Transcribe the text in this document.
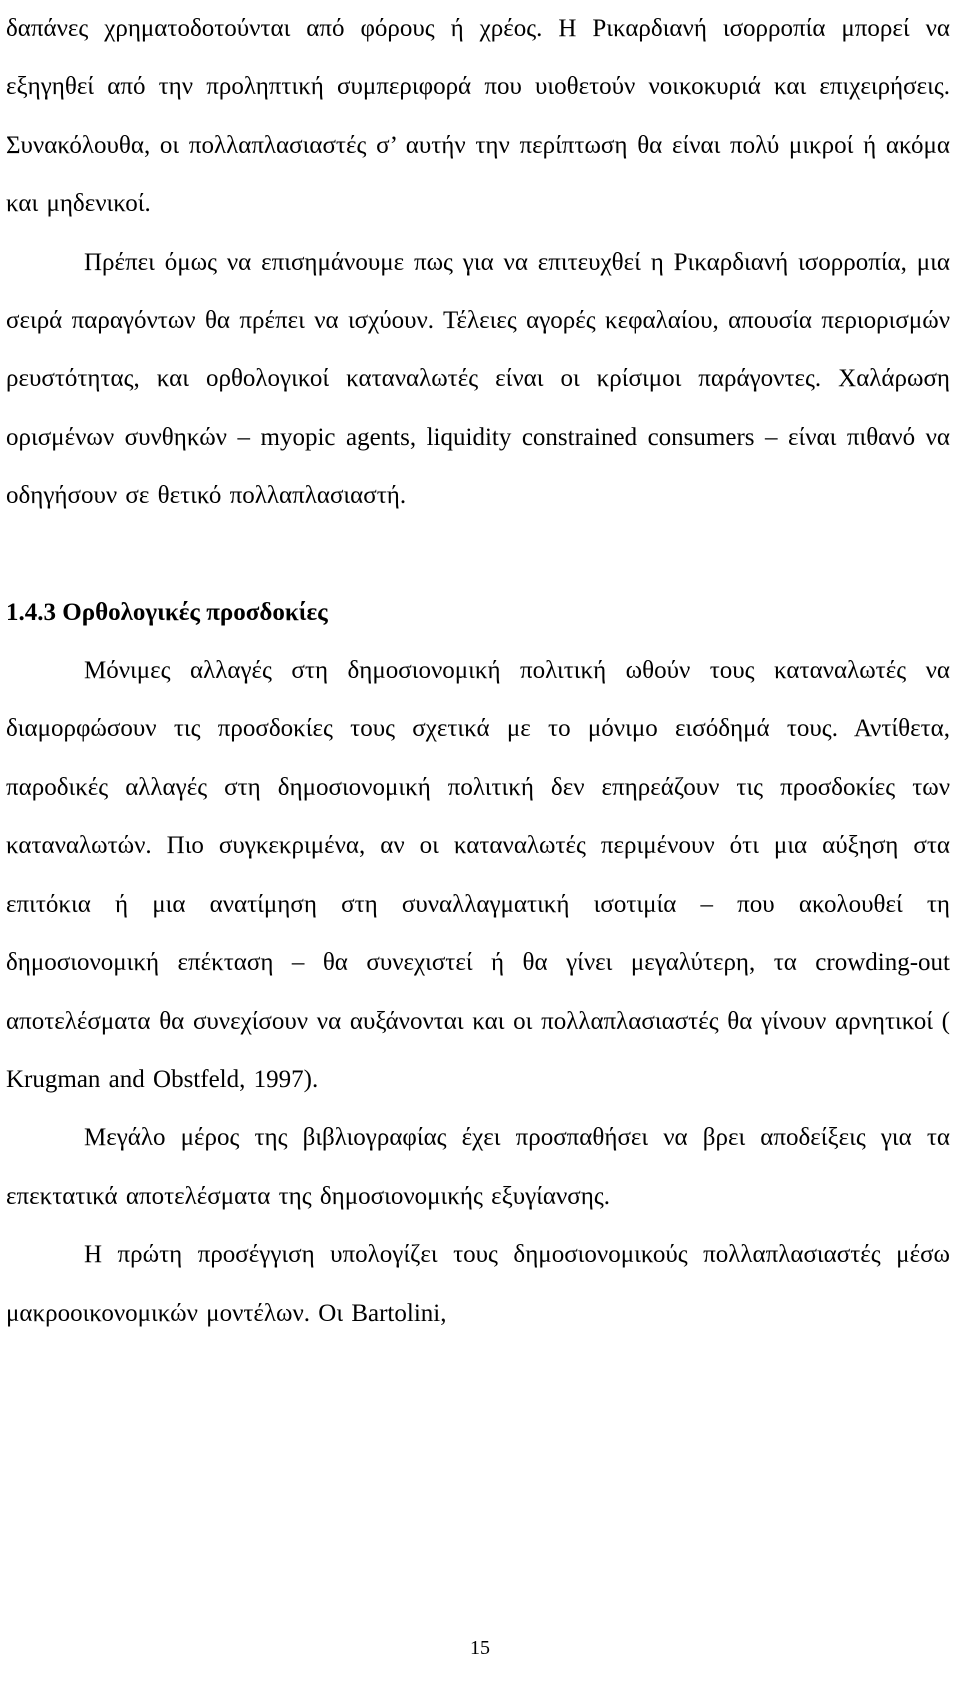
δαπάνες χρηματοδοτούνται από φόρους ή χρέος. Η Ρικαρδιανή ισορροπία μπορεί να εξηγηθεί από την προληπτική συμπεριφορά που υιοθετούν νοικοκυριά και επιχειρήσεις. Συνακόλουθα, οι πολλαπλασιαστές σ’ αυτήν την περίπτωση θα είναι πολύ μικροί ή ακόμα και μηδενικοί.

Πρέπει όμως να επισημάνουμε πως για να επιτευχθεί η Ρικαρδιανή ισορροπία, μια σειρά παραγόντων θα πρέπει να ισχύουν. Τέλειες αγορές κεφαλαίου, απουσία περιορισμών ρευστότητας, και ορθολογικοί καταναλωτές είναι οι κρίσιμοι παράγοντες. Χαλάρωση ορισμένων συνθηκών – myopic agents, liquidity constrained consumers – είναι πιθανό να οδηγήσουν σε θετικό πολλαπλασιαστή.

1.4.3 Ορθολογικές προσδοκίες

Μόνιμες αλλαγές στη δημοσιονομική πολιτική ωθούν τους καταναλωτές να διαμορφώσουν τις προσδοκίες τους σχετικά με το μόνιμο εισόδημά τους. Αντίθετα, παροδικές αλλαγές στη δημοσιονομική πολιτική δεν επηρεάζουν τις προσδοκίες των καταναλωτών. Πιο συγκεκριμένα, αν οι καταναλωτές περιμένουν ότι μια αύξηση στα επιτόκια ή μια ανατίμηση στη συναλλαγματική ισοτιμία – που ακολουθεί τη δημοσιονομική επέκταση – θα συνεχιστεί ή θα γίνει μεγαλύτερη, τα crowding-out αποτελέσματα θα συνεχίσουν να αυξάνονται και οι πολλαπλασιαστές θα γίνουν αρνητικοί ( Krugman and Obstfeld, 1997).

Μεγάλο μέρος της βιβλιογραφίας έχει προσπαθήσει να βρει αποδείξεις για τα επεκτατικά αποτελέσματα της δημοσιονομικής εξυγίανσης.

Η πρώτη προσέγγιση υπολογίζει τους δημοσιονομικούς πολλαπλασιαστές μέσω μακροοικονομικών μοντέλων. Οι Bartolini,

15
